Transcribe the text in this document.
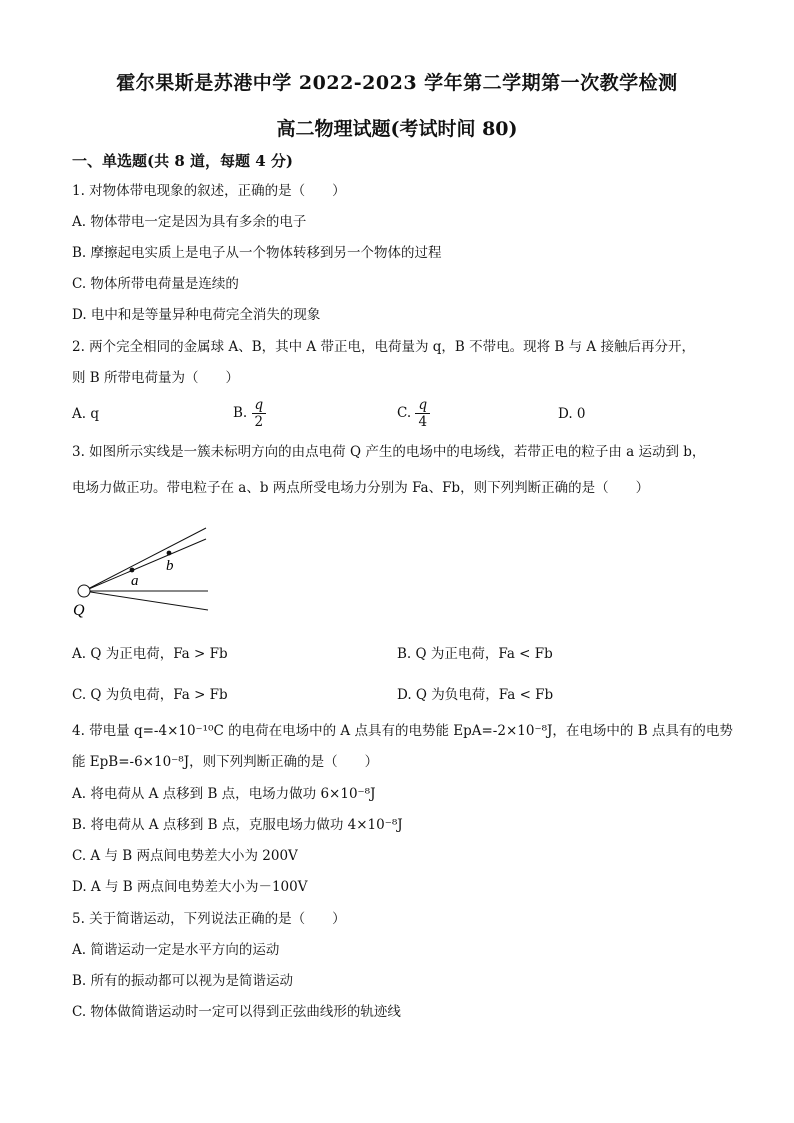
霍尔果斯是苏港中学 2022-2023 学年第二学期第一次教学检测
高二物理试题(考试时间 80)
一、单选题(共 8 道，每题 4 分)
1. 对物体带电现象的叙述，正确的是（　　）
A. 物体带电一定是因为具有多余的电子
B. 摩擦起电实质上是电子从一个物体转移到另一个物体的过程
C. 物体所带电荷量是连续的
D. 电中和是等量异种电荷完全消失的现象
2. 两个完全相同的金属球 A、B，其中 A 带正电，电荷量为 q，B 不带电。现将 B 与 A 接触后再分开，
则 B 所带电荷量为（　　）
A. q	B. $\frac{q}{2}$	C. $\frac{q}{4}$	D. 0
3. 如图所示实线是一簇未标明方向的由点电荷 Q 产生的电场中的电场线，若带正电的粒子由 a 运动到 b，
电场力做正功。带电粒子在 a、b 两点所受电场力分别为 Fa、Fb，则下列判断正确的是（　　）
a
b
Q
A. Q 为正电荷，Fa > Fb	B. Q 为正电荷，Fa < Fb
C. Q 为负电荷，Fa > Fb	D. Q 为负电荷，Fa < Fb
4. 带电量 q=-4×10⁻¹⁰C 的电荷在电场中的 A 点具有的电势能 EpA=-2×10⁻⁸J，在电场中的 B 点具有的电势
能 EpB=-6×10⁻⁸J，则下列判断正确的是（　　）
A. 将电荷从 A 点移到 B 点，电场力做功 6×10⁻⁸J
B. 将电荷从 A 点移到 B 点，克服电场力做功 4×10⁻⁸J
C. A 与 B 两点间电势差大小为 200V
D. A 与 B 两点间电势差大小为－100V
5. 关于简谐运动，下列说法正确的是（　　）
A. 简谐运动一定是水平方向的运动
B. 所有的振动都可以视为是简谐运动
C. 物体做简谐运动时一定可以得到正弦曲线形的轨迹线
